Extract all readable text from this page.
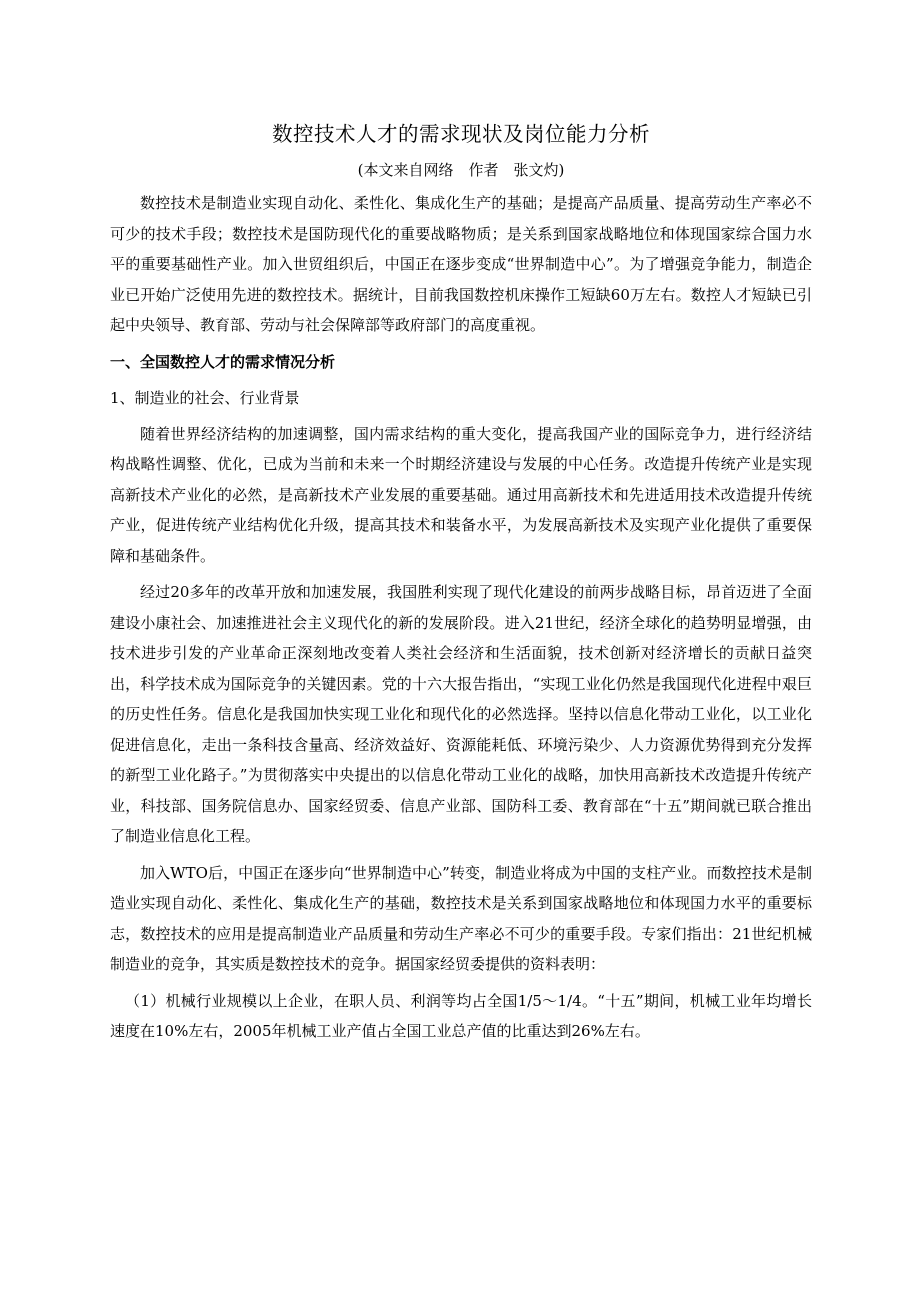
数控技术人才的需求现状及岗位能力分析
(本文来自网络　作者　张文灼)

数控技术是制造业实现自动化、柔性化、集成化生产的基础；是提高产品质量、提高劳动生产率必不可少的技术手段；数控技术是国防现代化的重要战略物质；是关系到国家战略地位和体现国家综合国力水平的重要基础性产业。加入世贸组织后，中国正在逐步变成“世界制造中心”。为了增强竞争能力，制造企业已开始广泛使用先进的数控技术。据统计，目前我国数控机床操作工短缺60万左右。数控人才短缺已引起中央领导、教育部、劳动与社会保障部等政府部门的高度重视。

一、全国数控人才的需求情况分析
1、制造业的社会、行业背景

随着世界经济结构的加速调整，国内需求结构的重大变化，提高我国产业的国际竞争力，进行经济结构战略性调整、优化，已成为当前和未来一个时期经济建设与发展的中心任务。改造提升传统产业是实现高新技术产业化的必然，是高新技术产业发展的重要基础。通过用高新技术和先进适用技术改造提升传统产业，促进传统产业结构优化升级，提高其技术和装备水平，为发展高新技术及实现产业化提供了重要保障和基础条件。

经过20多年的改革开放和加速发展，我国胜利实现了现代化建设的前两步战略目标，昂首迈进了全面建设小康社会、加速推进社会主义现代化的新的发展阶段。进入21世纪，经济全球化的趋势明显增强，由技术进步引发的产业革命正深刻地改变着人类社会经济和生活面貌，技术创新对经济增长的贡献日益突出，科学技术成为国际竞争的关键因素。党的十六大报告指出，“实现工业化仍然是我国现代化进程中艰巨的历史性任务。信息化是我国加快实现工业化和现代化的必然选择。坚持以信息化带动工业化，以工业化促进信息化，走出一条科技含量高、经济效益好、资源能耗低、环境污染少、人力资源优势得到充分发挥的新型工业化路子。”为贯彻落实中央提出的以信息化带动工业化的战略，加快用高新技术改造提升传统产业，科技部、国务院信息办、国家经贸委、信息产业部、国防科工委、教育部在“十五”期间就已联合推出了制造业信息化工程。

加入WTO后，中国正在逐步向“世界制造中心”转变，制造业将成为中国的支柱产业。而数控技术是制造业实现自动化、柔性化、集成化生产的基础，数控技术是关系到国家战略地位和体现国力水平的重要标志，数控技术的应用是提高制造业产品质量和劳动生产率必不可少的重要手段。专家们指出：21世纪机械制造业的竞争，其实质是数控技术的竞争。据国家经贸委提供的资料表明：

（1）机械行业规模以上企业，在职人员、利润等均占全国1/5～1/4。“十五”期间，机械工业年均增长速度在10%左右，2005年机械工业产值占全国工业总产值的比重达到26%左右。
